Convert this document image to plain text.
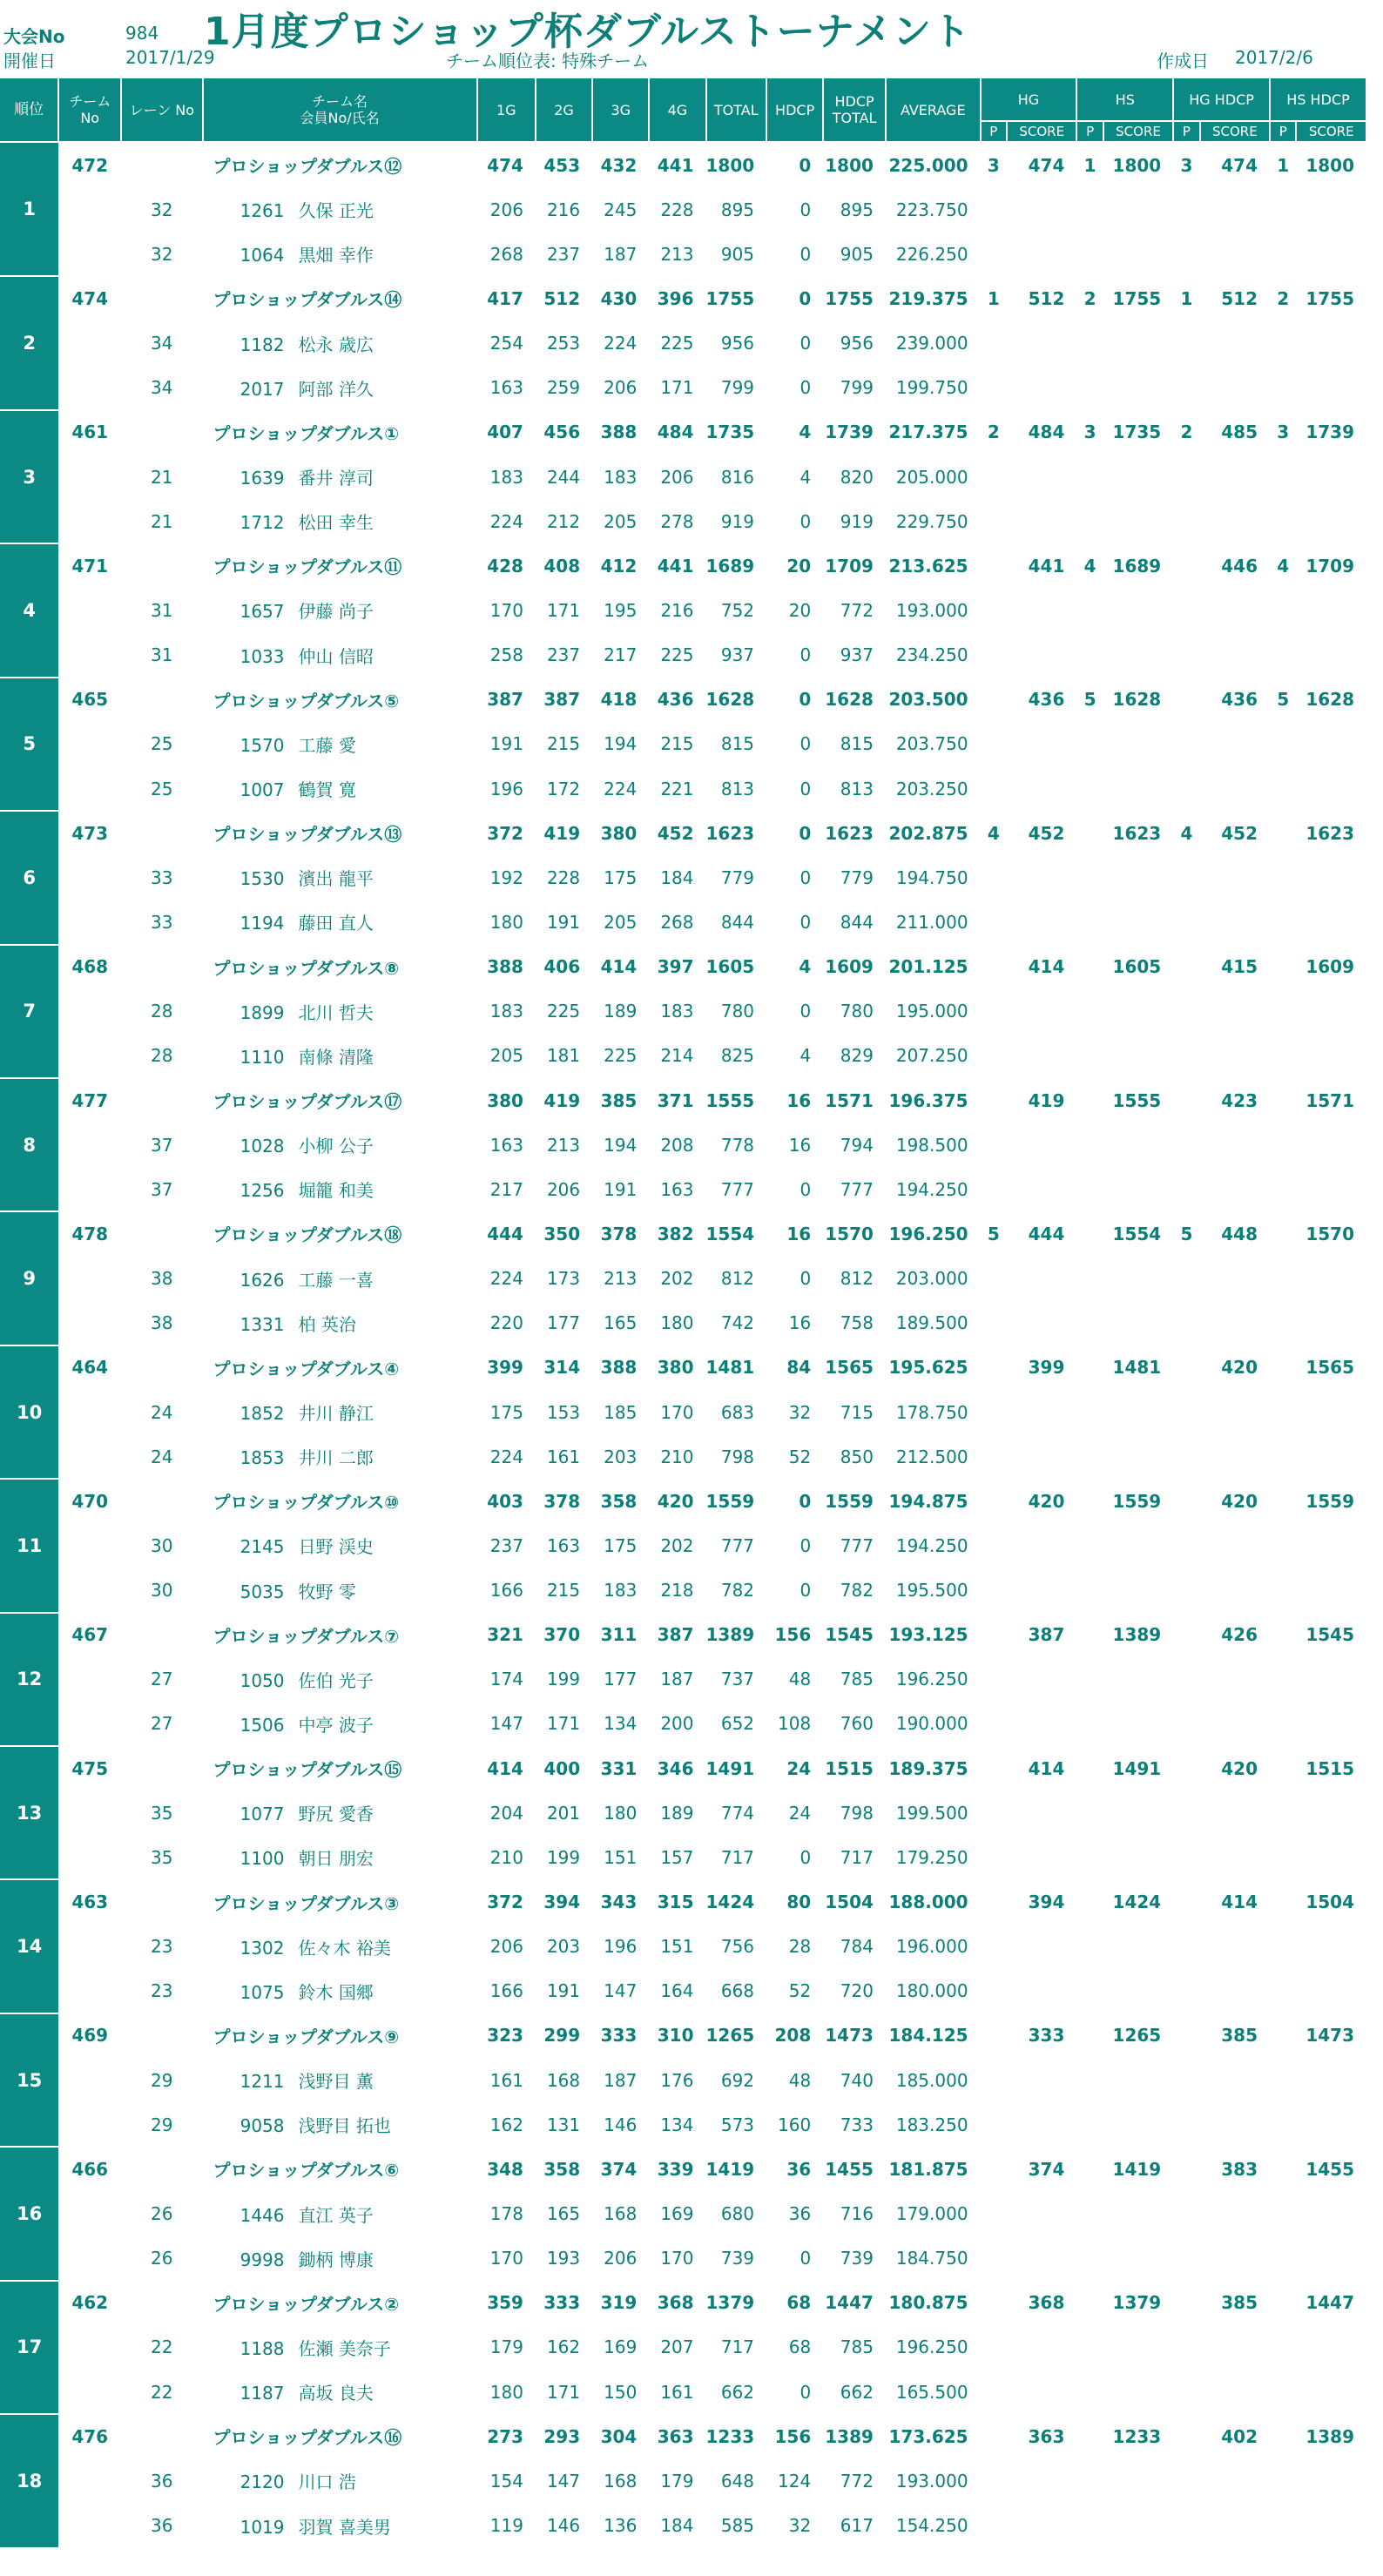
大会No	984 1月度プロショップ杯ダブルストーナメント
開催日	2017/1/29	チーム順位表: 特殊チーム	作成日 2017/2/6
順位	チーム No	レーン No	チーム名
会員No/氏名	1G	2G	3G	4G	TOTAL	HDCP	HDCP TOTAL	AVERAGE	HG		HS		HG HDCP		HS HDCP	
												P	SCORE	P	SCORE	P	SCORE	P	SCORE
1	472		プロショップダブルス⑫	474	453	432	441	1800	0	1800	225.000	3	474	1	1800	3	474	1	1800
		32	1261 久保 正光	206	216	245	228	895	0	895	223.750								
		32	1064 黒畑 幸作	268	237	187	213	905	0	905	226.250								
2	474		プロショップダブルス⑭	417	512	430	396	1755	0	1755	219.375	1	512	2	1755	1	512	2	1755
		34	1182 松永 歳広	254	253	224	225	956	0	956	239.000								
		34	2017 阿部 洋久	163	259	206	171	799	0	799	199.750								
3	461		プロショップダブルス①	407	456	388	484	1735	4	1739	217.375	2	484	3	1735	2	485	3	1739
		21	1639 番井 淳司	183	244	183	206	816	4	820	205.000								
		21	1712 松田 幸生	224	212	205	278	919	0	919	229.750								
4	471		プロショップダブルス⑪	428	408	412	441	1689	20	1709	213.625		441	4	1689		446	4	1709
		31	1657 伊藤 尚子	170	171	195	216	752	20	772	193.000								
		31	1033 仲山 信昭	258	237	217	225	937	0	937	234.250								
5	465		プロショップダブルス⑤	387	387	418	436	1628	0	1628	203.500		436	5	1628		436	5	1628
		25	1570 工藤 愛	191	215	194	215	815	0	815	203.750								
		25	1007 鶴賀 寛	196	172	224	221	813	0	813	203.250								
6	473		プロショップダブルス⑬	372	419	380	452	1623	0	1623	202.875	4	452		1623	4	452		1623
		33	1530 濱出 龍平	192	228	175	184	779	0	779	194.750								
		33	1194 藤田 直人	180	191	205	268	844	0	844	211.000								
7	468		プロショップダブルス⑧	388	406	414	397	1605	4	1609	201.125		414		1605		415		1609
		28	1899 北川 哲夫	183	225	189	183	780	0	780	195.000								
		28	1110 南條 清隆	205	181	225	214	825	4	829	207.250								
8	477		プロショップダブルス⑰	380	419	385	371	1555	16	1571	196.375		419		1555		423		1571
		37	1028 小柳 公子	163	213	194	208	778	16	794	198.500								
		37	1256 堀籠 和美	217	206	191	163	777	0	777	194.250								
9	478		プロショップダブルス⑱	444	350	378	382	1554	16	1570	196.250	5	444		1554	5	448		1570
		38	1626 工藤 一喜	224	173	213	202	812	0	812	203.000								
		38	1331 柏 英治	220	177	165	180	742	16	758	189.500								
10	464		プロショップダブルス④	399	314	388	380	1481	84	1565	195.625		399		1481		420		1565
		24	1852 井川 静江	175	153	185	170	683	32	715	178.750								
		24	1853 井川 二郎	224	161	203	210	798	52	850	212.500								
11	470		プロショップダブルス⑩	403	378	358	420	1559	0	1559	194.875		420		1559		420		1559
		30	2145 日野 渓史	237	163	175	202	777	0	777	194.250								
		30	5035 牧野 零	166	215	183	218	782	0	782	195.500								
12	467		プロショップダブルス⑦	321	370	311	387	1389	156	1545	193.125		387		1389		426		1545
		27	1050 佐伯 光子	174	199	177	187	737	48	785	196.250								
		27	1506 中亭 波子	147	171	134	200	652	108	760	190.000								
13	475		プロショップダブルス⑮	414	400	331	346	1491	24	1515	189.375		414		1491		420		1515
		35	1077 野尻 愛香	204	201	180	189	774	24	798	199.500								
		35	1100 朝日 朋宏	210	199	151	157	717	0	717	179.250								
14	463		プロショップダブルス③	372	394	343	315	1424	80	1504	188.000		394		1424		414		1504
		23	1302 佐々木 裕美	206	203	196	151	756	28	784	196.000								
		23	1075 鈴木 国郷	166	191	147	164	668	52	720	180.000								
15	469		プロショップダブルス⑨	323	299	333	310	1265	208	1473	184.125		333		1265		385		1473
		29	1211 浅野目 薫	161	168	187	176	692	48	740	185.000								
		29	9058 浅野目 拓也	162	131	146	134	573	160	733	183.250								
16	466		プロショップダブルス⑥	348	358	374	339	1419	36	1455	181.875		374		1419		383		1455
		26	1446 直江 英子	178	165	168	169	680	36	716	179.000								
		26	9998 鋤柄 博康	170	193	206	170	739	0	739	184.750								
17	462		プロショップダブルス②	359	333	319	368	1379	68	1447	180.875		368		1379		385		1447
		22	1188 佐瀬 美奈子	179	162	169	207	717	68	785	196.250								
		22	1187 高坂 良夫	180	171	150	161	662	0	662	165.500								
18	476		プロショップダブルス⑯	273	293	304	363	1233	156	1389	173.625		363		1233		402		1389
		36	2120 川口 浩	154	147	168	179	648	124	772	193.000								
		36	1019 羽賀 喜美男	119	146	136	184	585	32	617	154.250								
